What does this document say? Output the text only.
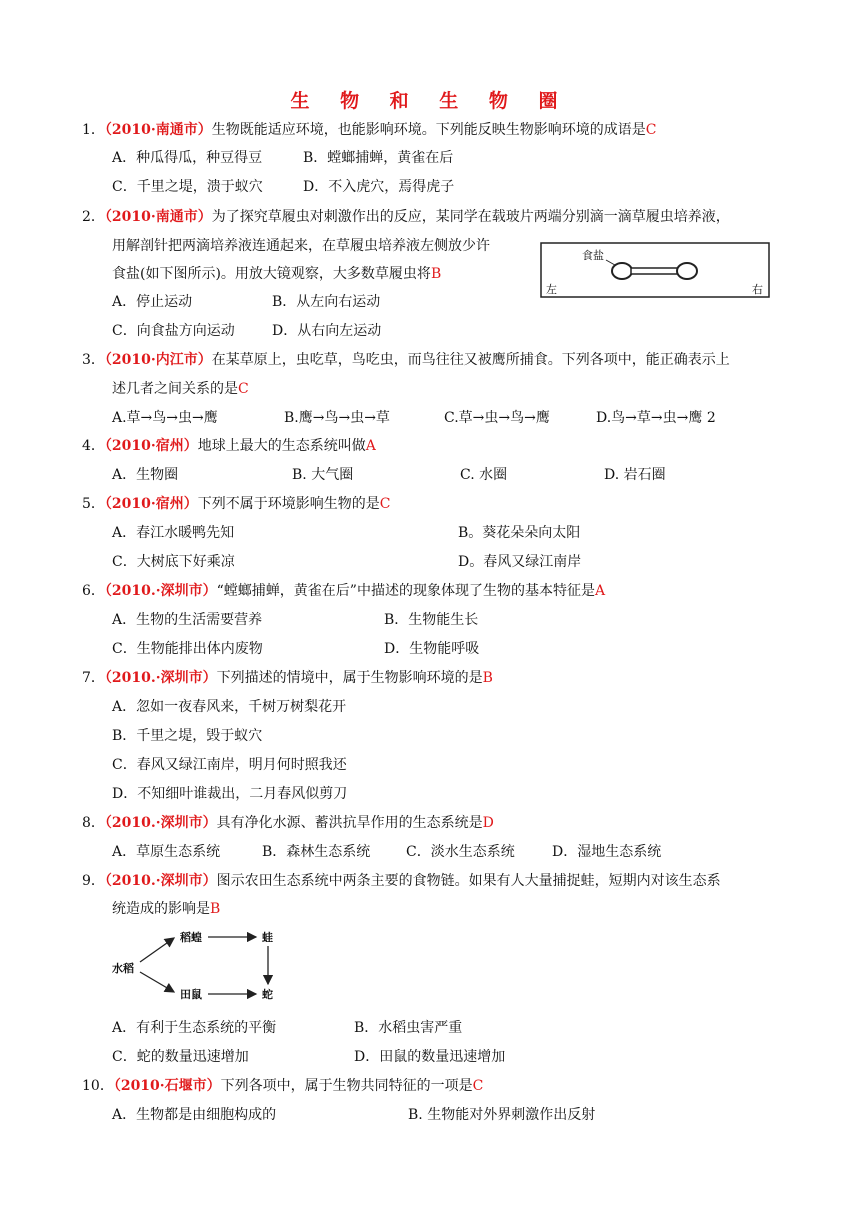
生 物 和 生 物 圈
1．（2010·南通市）生物既能适应环境，也能影响环境。下列能反映生物影响环境的成语是C
A．种瓜得瓜，种豆得豆	B．螳螂捕蝉，黄雀在后
C．千里之堤，溃于蚁穴	D．不入虎穴，焉得虎子
2．（2010·南通市）为了探究草履虫对刺激作出的反应，某同学在载玻片两端分别滴一滴草履虫培养液，
用解剖针把两滴培养液连通起来，在草履虫培养液左侧放少许
食盐(如下图所示)。用放大镜观察，大多数草履虫将B
食盐
左	右
A．停止运动	B．从左向右运动
C．向食盐方向运动	D．从右向左运动
3．（2010·内江市）在某草原上，虫吃草，鸟吃虫，而鸟往往又被鹰所捕食。下列各项中，能正确表示上
述几者之间关系的是C
A.草→鸟→虫→鹰	B.鹰→鸟→虫→草	C.草→虫→鸟→鹰	D.鸟→草→虫→鹰 2
4．（2010·宿州）地球上最大的生态系统叫做A
A．生物圈	B. 大气圈	C. 水圈	D. 岩石圈
5．（2010·宿州）下列不属于环境影响生物的是C
A．春江水暖鸭先知	B。葵花朵朵向太阳
C．大树底下好乘凉	D。春风又绿江南岸
6．（2010.·深圳市）“螳螂捕蝉，黄雀在后”中描述的现象体现了生物的基本特征是A
A．生物的生活需要营养	B．生物能生长
C．生物能排出体内废物	D．生物能呼吸
7．（2010.·深圳市）下列描述的情境中，属于生物影响环境的是B
A．忽如一夜春风来，千树万树梨花开
B．千里之堤，毁于蚁穴
C．春风又绿江南岸，明月何时照我还
D．不知细叶谁裁出，二月春风似剪刀
8．（2010.·深圳市）具有净化水源、蓄洪抗旱作用的生态系统是D
A．草原生态系统	B．森林生态系统	C．淡水生态系统	D．湿地生态系统
9．（2010.·深圳市）图示农田生态系统中两条主要的食物链。如果有人大量捕捉蛙，短期内对该生态系
统造成的影响是B
水稻
稻蝗	蛙
田鼠	蛇
A．有利于生态系统的平衡	B．水稻虫害严重
C．蛇的数量迅速增加	D．田鼠的数量迅速增加
10．（2010·石堰市）下列各项中，属于生物共同特征的一项是C
A．生物都是由细胞构成的	B. 生物能对外界刺激作出反射
